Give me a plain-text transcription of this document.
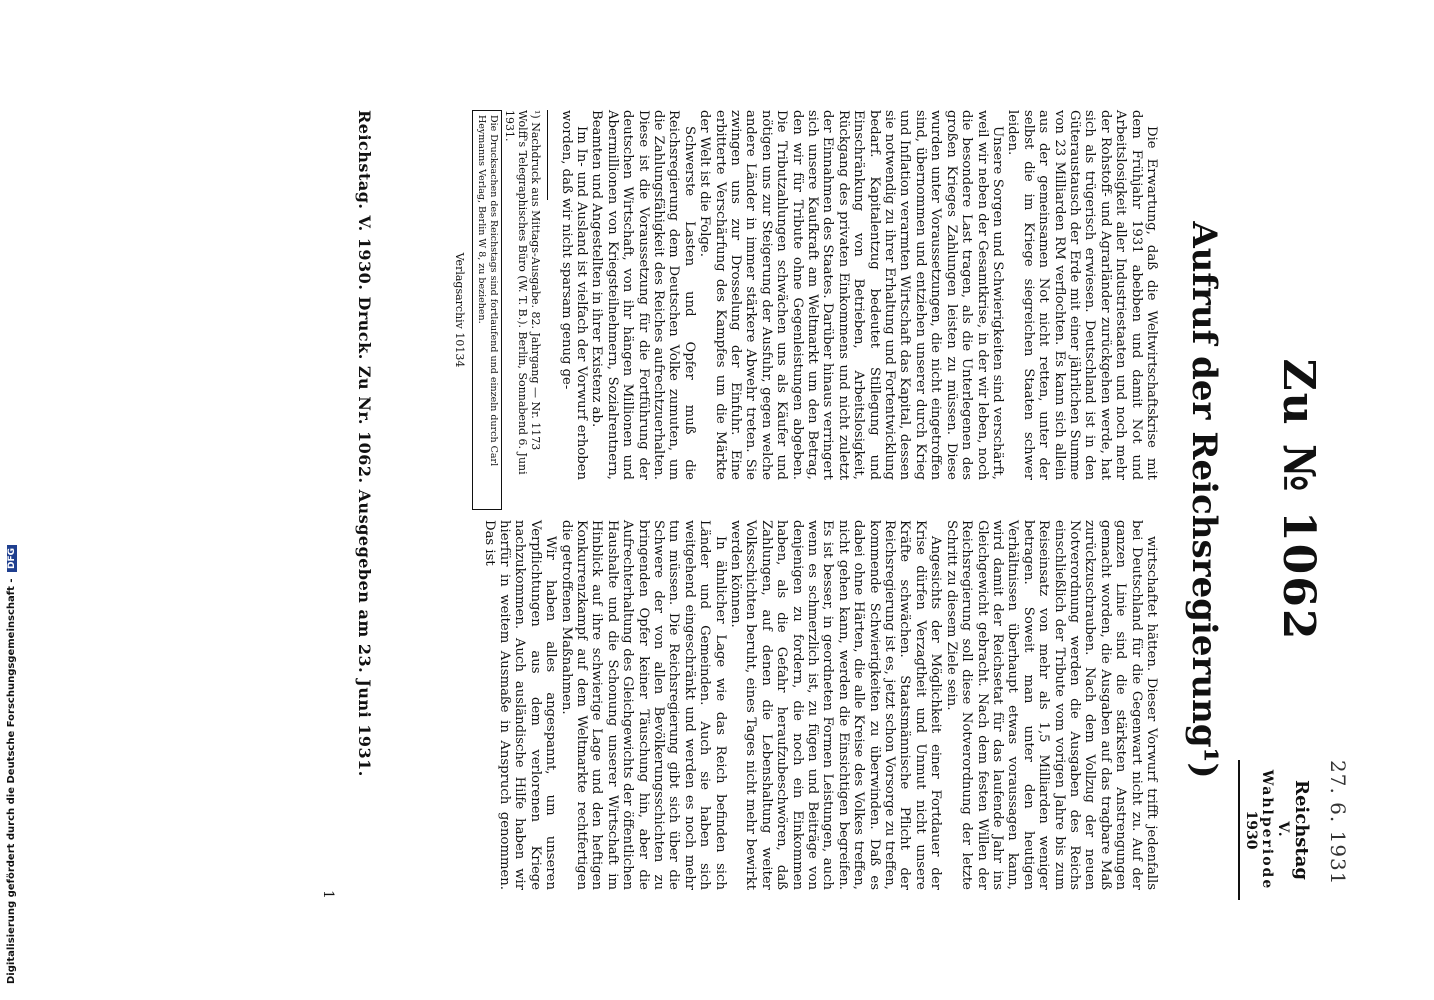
27. 6. 1931
Reichstag
V. Wahlperiode
1930
Zu № 1062
Aufruf der Reichsregierung¹)

Die Erwartung, daß die Weltwirtschaftskrise mit dem Frühjahr 1931 abebben und damit Not und Arbeitslosigkeit aller Industriestaaten und noch mehr der Rohstoff- und Agrarländer zurückgehen werde, hat sich als trügerisch erwiesen. Deutschland ist in den Güteraustausch der Erde mit einer jährlichen Summe von 23 Milliarden RM verflochten. Es kann sich allein aus der gemeinsamen Not nicht retten, unter der selbst die im Kriege siegreichen Staaten schwer leiden.

Unsere Sorgen und Schwierigkeiten sind verschärft, weil wir neben der Gesamtkrise, in der wir leben, noch die besondere Last tragen, als die Unterlegenen des großen Krieges Zahlungen leisten zu müssen. Diese wurden unter Voraussetzungen, die nicht eingetroffen sind, übernommen und entziehen unserer durch Krieg und Inflation verarmten Wirtschaft das Kapital, dessen sie notwendig zu ihrer Erhaltung und Fortentwicklung bedarf. Kapitalentzug bedeutet Stillegung und Einschränkung von Betrieben, Arbeitslosigkeit, Rückgang des privaten Einkommens und nicht zuletzt der Einnahmen des Staates. Darüber hinaus verringert sich unsere Kaufkraft am Weltmarkt um den Betrag, den wir für Tribute ohne Gegenleistungen abgeben. Die Tributzahlungen schwächen uns als Käufer und nötigen uns zur Steigerung der Ausfuhr, gegen welche andere Länder in immer stärkere Abwehr treten. Sie zwingen uns zur Drosselung der Einfuhr. Eine erbitterte Verschärfung des Kampfes um die Märkte der Welt ist die Folge.

Schwerste Lasten und Opfer muß die Reichsregierung dem Deutschen Volke zumuten, um die Zahlungsfähigkeit des Reiches aufrechtzuerhalten. Diese ist die Voraussetzung für die Fortführung der deutschen Wirtschaft, von ihr hängen Millionen und Abermillionen von Kriegsteilnehmern, Sozialrentnern, Beamten und Angestellten in ihrer Existenz ab.

Im In- und Ausland ist vielfach der Vorwurf erhoben worden, daß wir nicht sparsam genug ge-

wirtschaftet hätten. Dieser Vorwurf trifft jedenfalls bei Deutschland für die Gegenwart nicht zu. Auf der ganzen Linie sind die stärksten Anstrengungen gemacht worden, die Ausgaben auf das tragbare Maß zurückzuschrauben. Nach dem Vollzug der neuen Notverordnung werden die Ausgaben des Reichs einschließlich der Tribute vom vorigen Jahre bis zum Reiseinsatz von mehr als 1,5 Milliarden weniger betragen. Soweit man unter den heutigen Verhältnissen überhaupt etwas voraussagen kann, wird damit der Reichsetat für das laufende Jahr ins Gleichgewicht gebracht. Nach dem festen Willen der Reichsregierung soll diese Notverordnung der letzte Schritt zu diesem Ziele sein.

Angesichts der Möglichkeit einer Fortdauer der Krise dürfen Verzagtheit und Unmut nicht unsere Kräfte schwächen. Staatsmännische Pflicht der Reichsregierung ist es, jetzt schon Vorsorge zu treffen, kommende Schwierigkeiten zu überwinden. Daß es dabei ohne Härten, die alle Kreise des Volkes treffen, nicht gehen kann, werden die Einsichtigen begreifen. Es ist besser, in geordneten Formen Leistungen, auch wenn es schmerzlich ist, zu fügen und Beiträge von denjenigen zu fordern, die noch ein Einkommen haben, als die Gefahr heraufzubeschwören, daß Zahlungen, auf denen die Lebenshaltung weiter Volksschichten beruht, eines Tages nicht mehr bewirkt werden können.

In ähnlicher Lage wie das Reich befinden sich Länder und Gemeinden. Auch sie haben sich weitgehend eingeschränkt und werden es noch mehr tun müssen. Die Reichsregierung gibt sich über die Schwere der von allen Bevölkerungsschichten zu bringenden Opfer keiner Täuschung hin, aber die Aufrechterhaltung des Gleichgewichts der öffentlichen Haushalte und die Schonung unserer Wirtschaft im Hinblick auf ihre schwierige Lage und den heftigen Konkurrenzkampf auf dem Weltmarkte rechtfertigen die getroffenen Maßnahmen.

Wir haben alles angespannt, um unseren Verpflichtungen aus dem verlorenen Kriege nachzukommen. Auch ausländische Hilfe haben wir hierfür in weitem Ausmaße in Anspruch genommen. Das ist

¹) Nachdruck aus Mittags-Ausgabe. 82. Jahrgang — Nr. 1173 Wolff's Telegraphisches Büro (W. T. B.). Berlin, Sonnabend 6. Juni 1931.
Die Drucksachen des Reichstags sind fortlaufend und einzeln durch Carl Heymanns Verlag, Berlin W 8, zu beziehen.
Verlagsarchiv 10134
Reichstag. V. 1930. Druck. Zu Nr. 1062. Ausgegeben am 23. Juni 1931.
1
Digitalisierung gefördert durch die Deutsche Forschungsgemeinschaft - DFG
